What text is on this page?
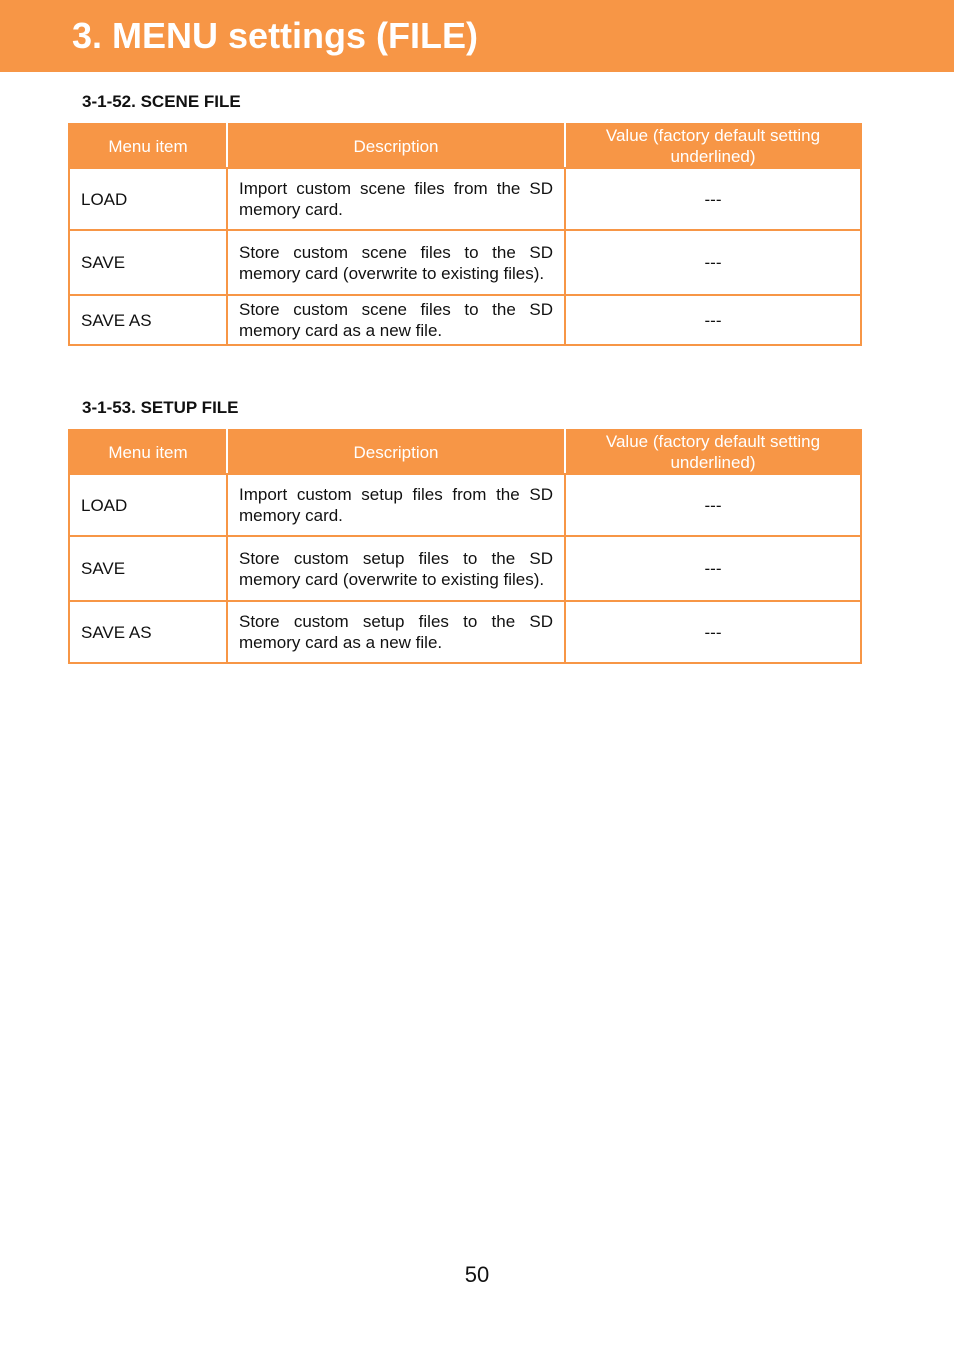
3. MENU settings (FILE)
3-1-52. SCENE FILE
Menu item	Description	Value (factory default setting underlined)
LOAD	Import custom scene files from the SD memory card.	---
SAVE	Store custom scene files to the SD memory card (overwrite to existing files).	---
SAVE AS	Store custom scene files to the SD memory card as a new file.	---
3-1-53. SETUP FILE
Menu item	Description	Value (factory default setting underlined)
LOAD	Import custom setup files from the SD memory card.	---
SAVE	Store custom setup files to the SD memory card (overwrite to existing files).	---
SAVE AS	Store custom setup files to the SD memory card as a new file.	---
50
